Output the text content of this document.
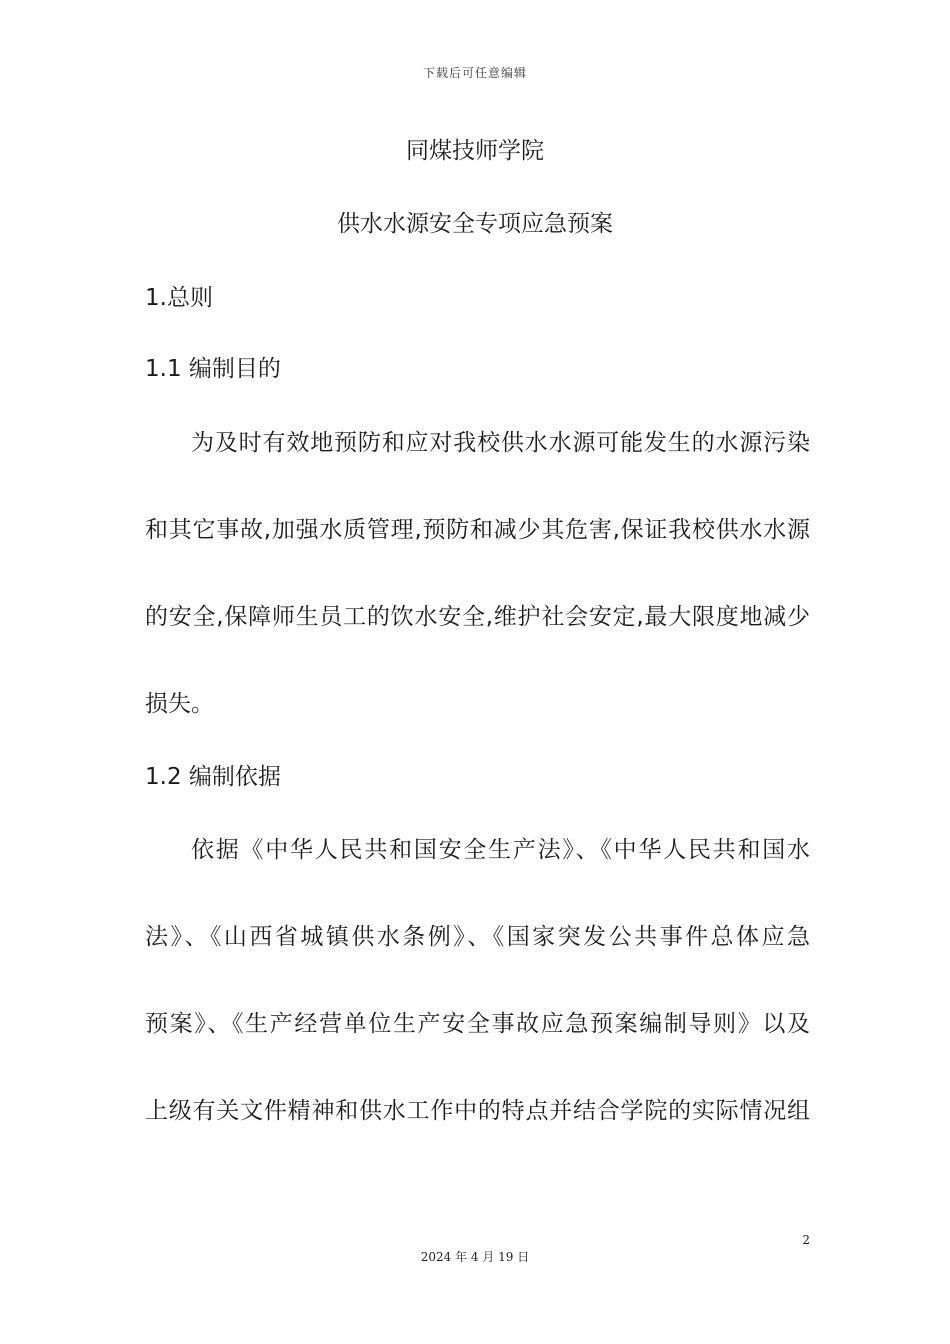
下载后可任意编辑
同煤技师学院
供水水源安全专项应急预案
1.总则
1.1 编制目的
为及时有效地预防和应对我校供水水源可能发生的水源污染
和其它事故,加强水质管理,预防和减少其危害,保证我校供水水源
的安全,保障师生员工的饮水安全,维护社会安定,最大限度地减少
损失。
1.2 编制依据
依据《中华人民共和国安全生产法》、《中华人民共和国水
法》、《山西省城镇供水条例》、《国家突发公共事件总体应急
预案》、《生产经营单位生产安全事故应急预案编制导则》以及
上级有关文件精神和供水工作中的特点并结合学院的实际情况组
2
2024 年 4 月 19 日
